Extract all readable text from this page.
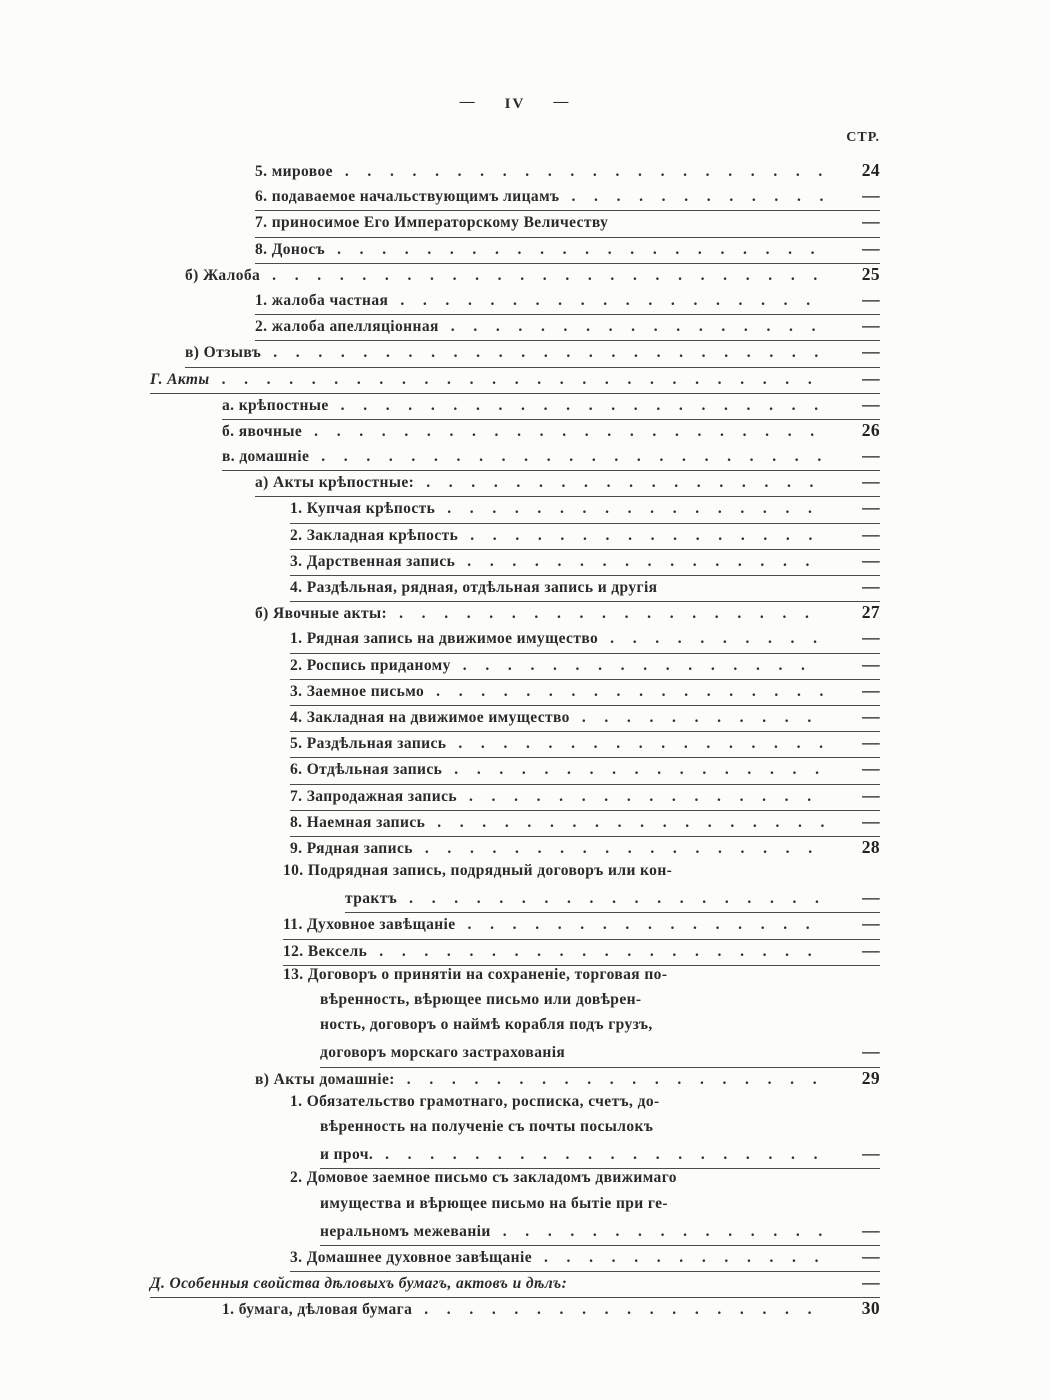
— IV —
СТР.
5. мировое . . .	24
6. подаваемое начальствующимъ лицамъ . . .	—
7. приносимое Его Императорскому Величеству	—
8. Доносъ . . .	—
б) Жалоба . . .	25
1. жалоба частная . . .	—
2. жалоба апелляціонная . . .	—
в) Отзывъ . . .	—
Г. Акты . . .	—
а. крѣпостные . . .	—
б. явочные . . .	26
в. домашніе . . .	—
а) Акты крѣпостные: . . .	—
1. Купчая крѣпость . . .	—
2. Закладная крѣпость . . .	—
3. Дарственная запись . . .	—
4. Раздѣльная, рядная, отдѣльная запись и другія	—
б) Явочные акты: . . .	27
1. Рядная запись на движимое имущество . . .	—
2. Роспись приданому . . .	—
3. Заемное письмо . . .	—
4. Закладная на движимое имущество . . .	—
5. Раздѣльная запись . . .	—
6. Отдѣльная запись . . .	—
7. Запродажная запись . . .	—
8. Наемная запись . . .	—
9. Рядная запись . . .	28
10. Подрядная запись, подрядный договоръ или кон-
трактъ . . .	—
11. Духовное завѣщаніе . . .	—
12. Вексель . . .	—
13. Договоръ о принятіи на сохраненіе, торговая по-
вѣренность, вѣрющее письмо или довѣрен-
ность, договоръ о наймѣ корабля подъ грузъ,
договоръ морскаго застрахованія	—
в) Акты домашніе: . . .	29
1. Обязательство грамотнаго, росписка, счетъ, до-
вѣренность на полученіе съ почты посылокъ
и проч. . . .	—
2. Домовое заемное письмо съ закладомъ движимаго
имущества и вѣрющее письмо на бытіе при ге-
неральномъ межеваніи . . .	—
3. Домашнее духовное завѣщаніе . . .	—
Д. Особенныя свойства дѣловыхъ бумагъ, актовъ и дѣлъ:	—
1. бумага, дѣловая бумага . . .	30
